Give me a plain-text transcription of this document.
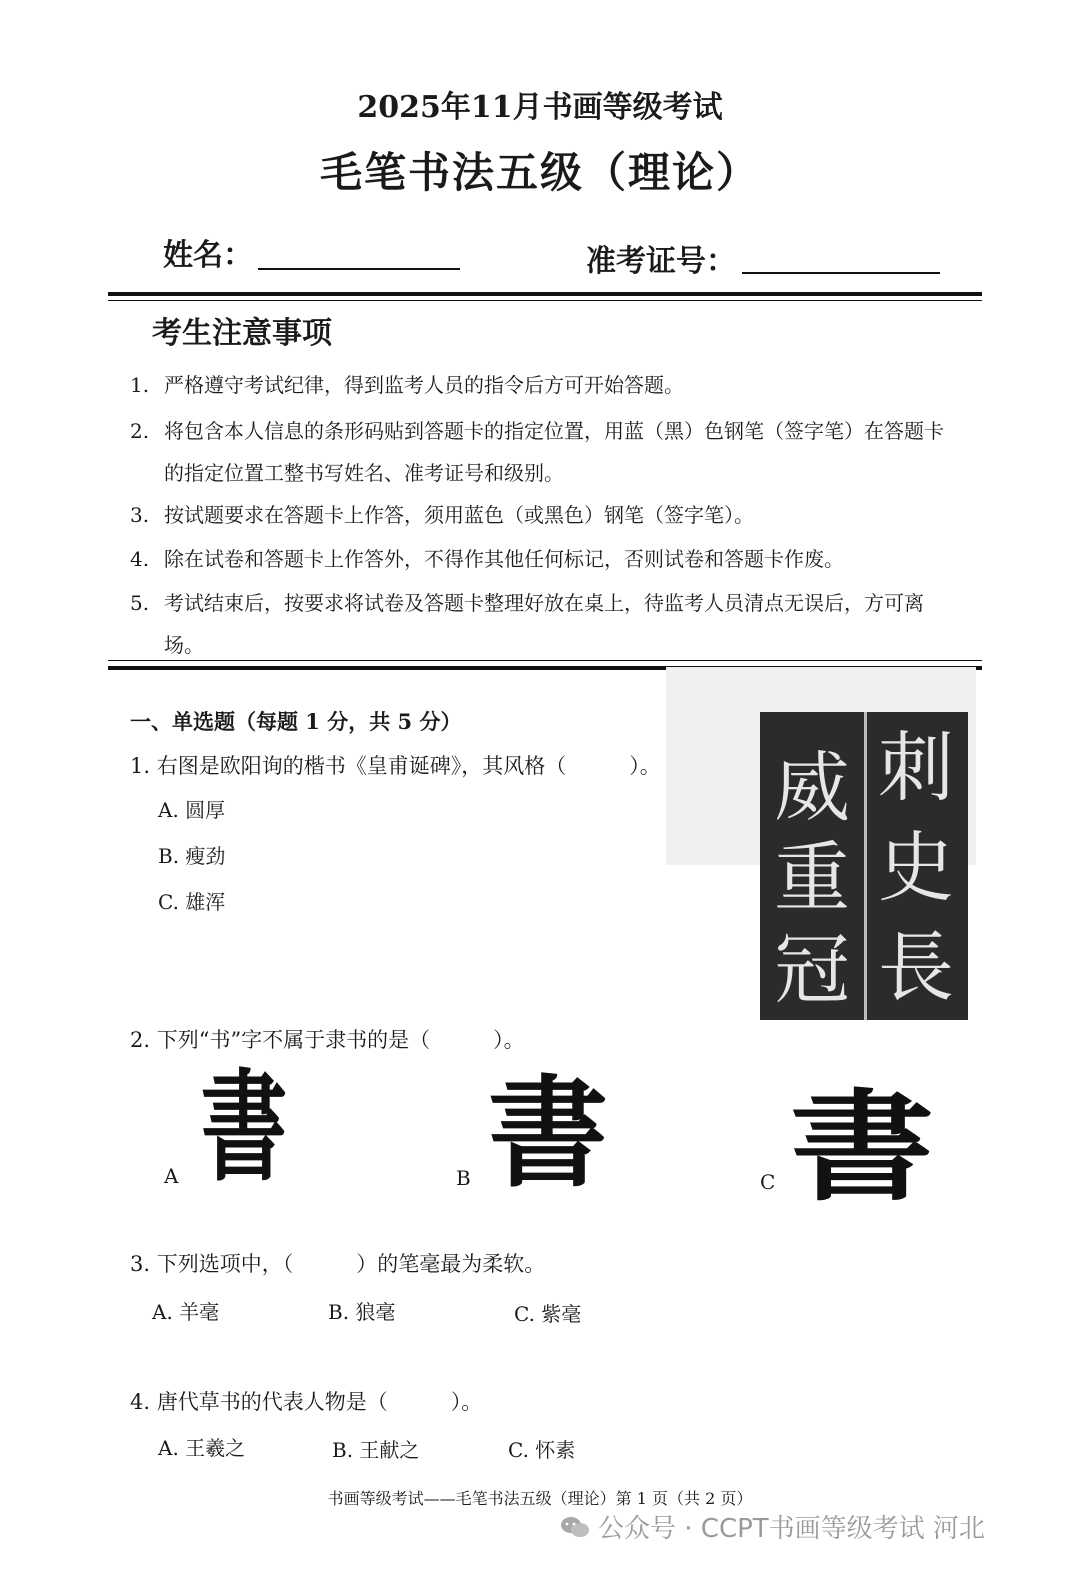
2025年11月书画等级考试
毛笔书法五级（理论）
姓名：	准考证号：
考生注意事项
1. 严格遵守考试纪律，得到监考人员的指令后方可开始答题。
2. 将包含本人信息的条形码贴到答题卡的指定位置，用蓝（黑）色钢笔（签字笔）在答题卡的指定位置工整书写姓名、准考证号和级别。
3. 按试题要求在答题卡上作答，须用蓝色（或黑色）钢笔（签字笔）。
4. 除在试卷和答题卡上作答外，不得作其他任何标记，否则试卷和答题卡作废。
5. 考试结束后，按要求将试卷及答题卡整理好放在桌上，待监考人员清点无误后，方可离场。
一、单选题（每题 1 分，共 5 分）
1. 右图是欧阳询的楷书《皇甫诞碑》，其风格（　　　）。
A. 圆厚
B. 瘦劲
C. 雄浑
刺
史
長
威
重
冠
2. 下列“书”字不属于隶书的是（　　　）。
A 書	B 書	C 書
3. 下列选项中，（　　　）的笔毫最为柔软。
A. 羊毫	B. 狼毫	C. 紫毫
4. 唐代草书的代表人物是（　　　）。
A. 王羲之	B. 王献之	C. 怀素
书画等级考试——毛笔书法五级（理论）第 1 页（共 2 页）
公众号 · CCPT书画等级考试 河北
